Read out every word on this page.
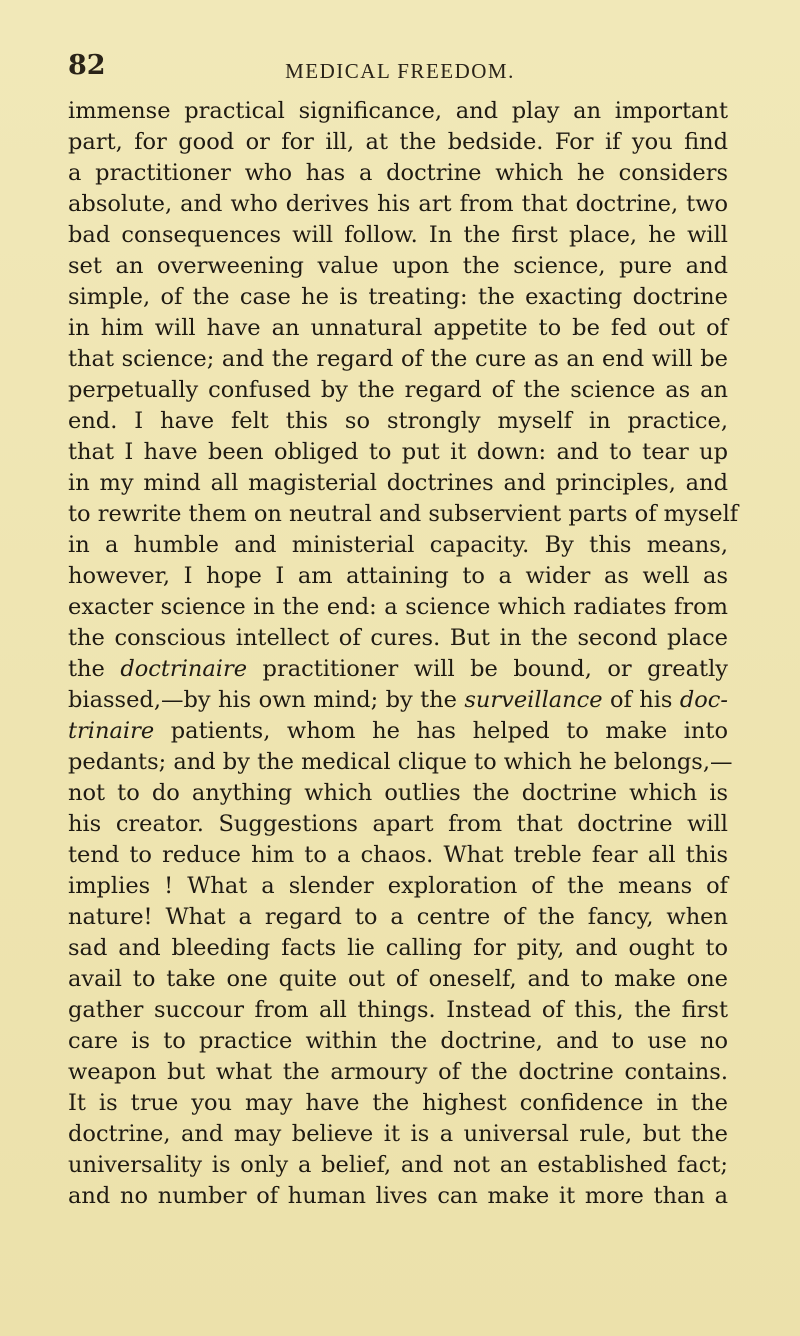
82	MEDICAL FREEDOM.
immense practical significance, and play an important
part, for good or for ill, at the bedside. For if you find
a practitioner who has a doctrine which he considers
absolute, and who derives his art from that doctrine, two
bad consequences will follow. In the first place, he will
set an overweening value upon the science, pure and
simple, of the case he is treating: the exacting doctrine
in him will have an unnatural appetite to be fed out of
that science; and the regard of the cure as an end will be
perpetually confused by the regard of the science as an
end. I have felt this so strongly myself in practice,
that I have been obliged to put it down: and to tear up
in my mind all magisterial doctrines and principles, and
to rewrite them on neutral and subservient parts of myself
in a humble and ministerial capacity. By this means,
however, I hope I am attaining to a wider as well as
exacter science in the end: a science which radiates from
the conscious intellect of cures. But in the second place
the doctrinaire practitioner will be bound, or greatly
biassed,—by his own mind; by the surveillance of his doc-
trinaire patients, whom he has helped to make into
pedants; and by the medical clique to which he belongs,—
not to do anything which outlies the doctrine which is
his creator. Suggestions apart from that doctrine will
tend to reduce him to a chaos. What treble fear all this
implies ! What a slender exploration of the means of
nature! What a regard to a centre of the fancy, when
sad and bleeding facts lie calling for pity, and ought to
avail to take one quite out of oneself, and to make one
gather succour from all things. Instead of this, the first
care is to practice within the doctrine, and to use no
weapon but what the armoury of the doctrine contains.
It is true you may have the highest confidence in the
doctrine, and may believe it is a universal rule, but the
universality is only a belief, and not an established fact;
and no number of human lives can make it more than a
